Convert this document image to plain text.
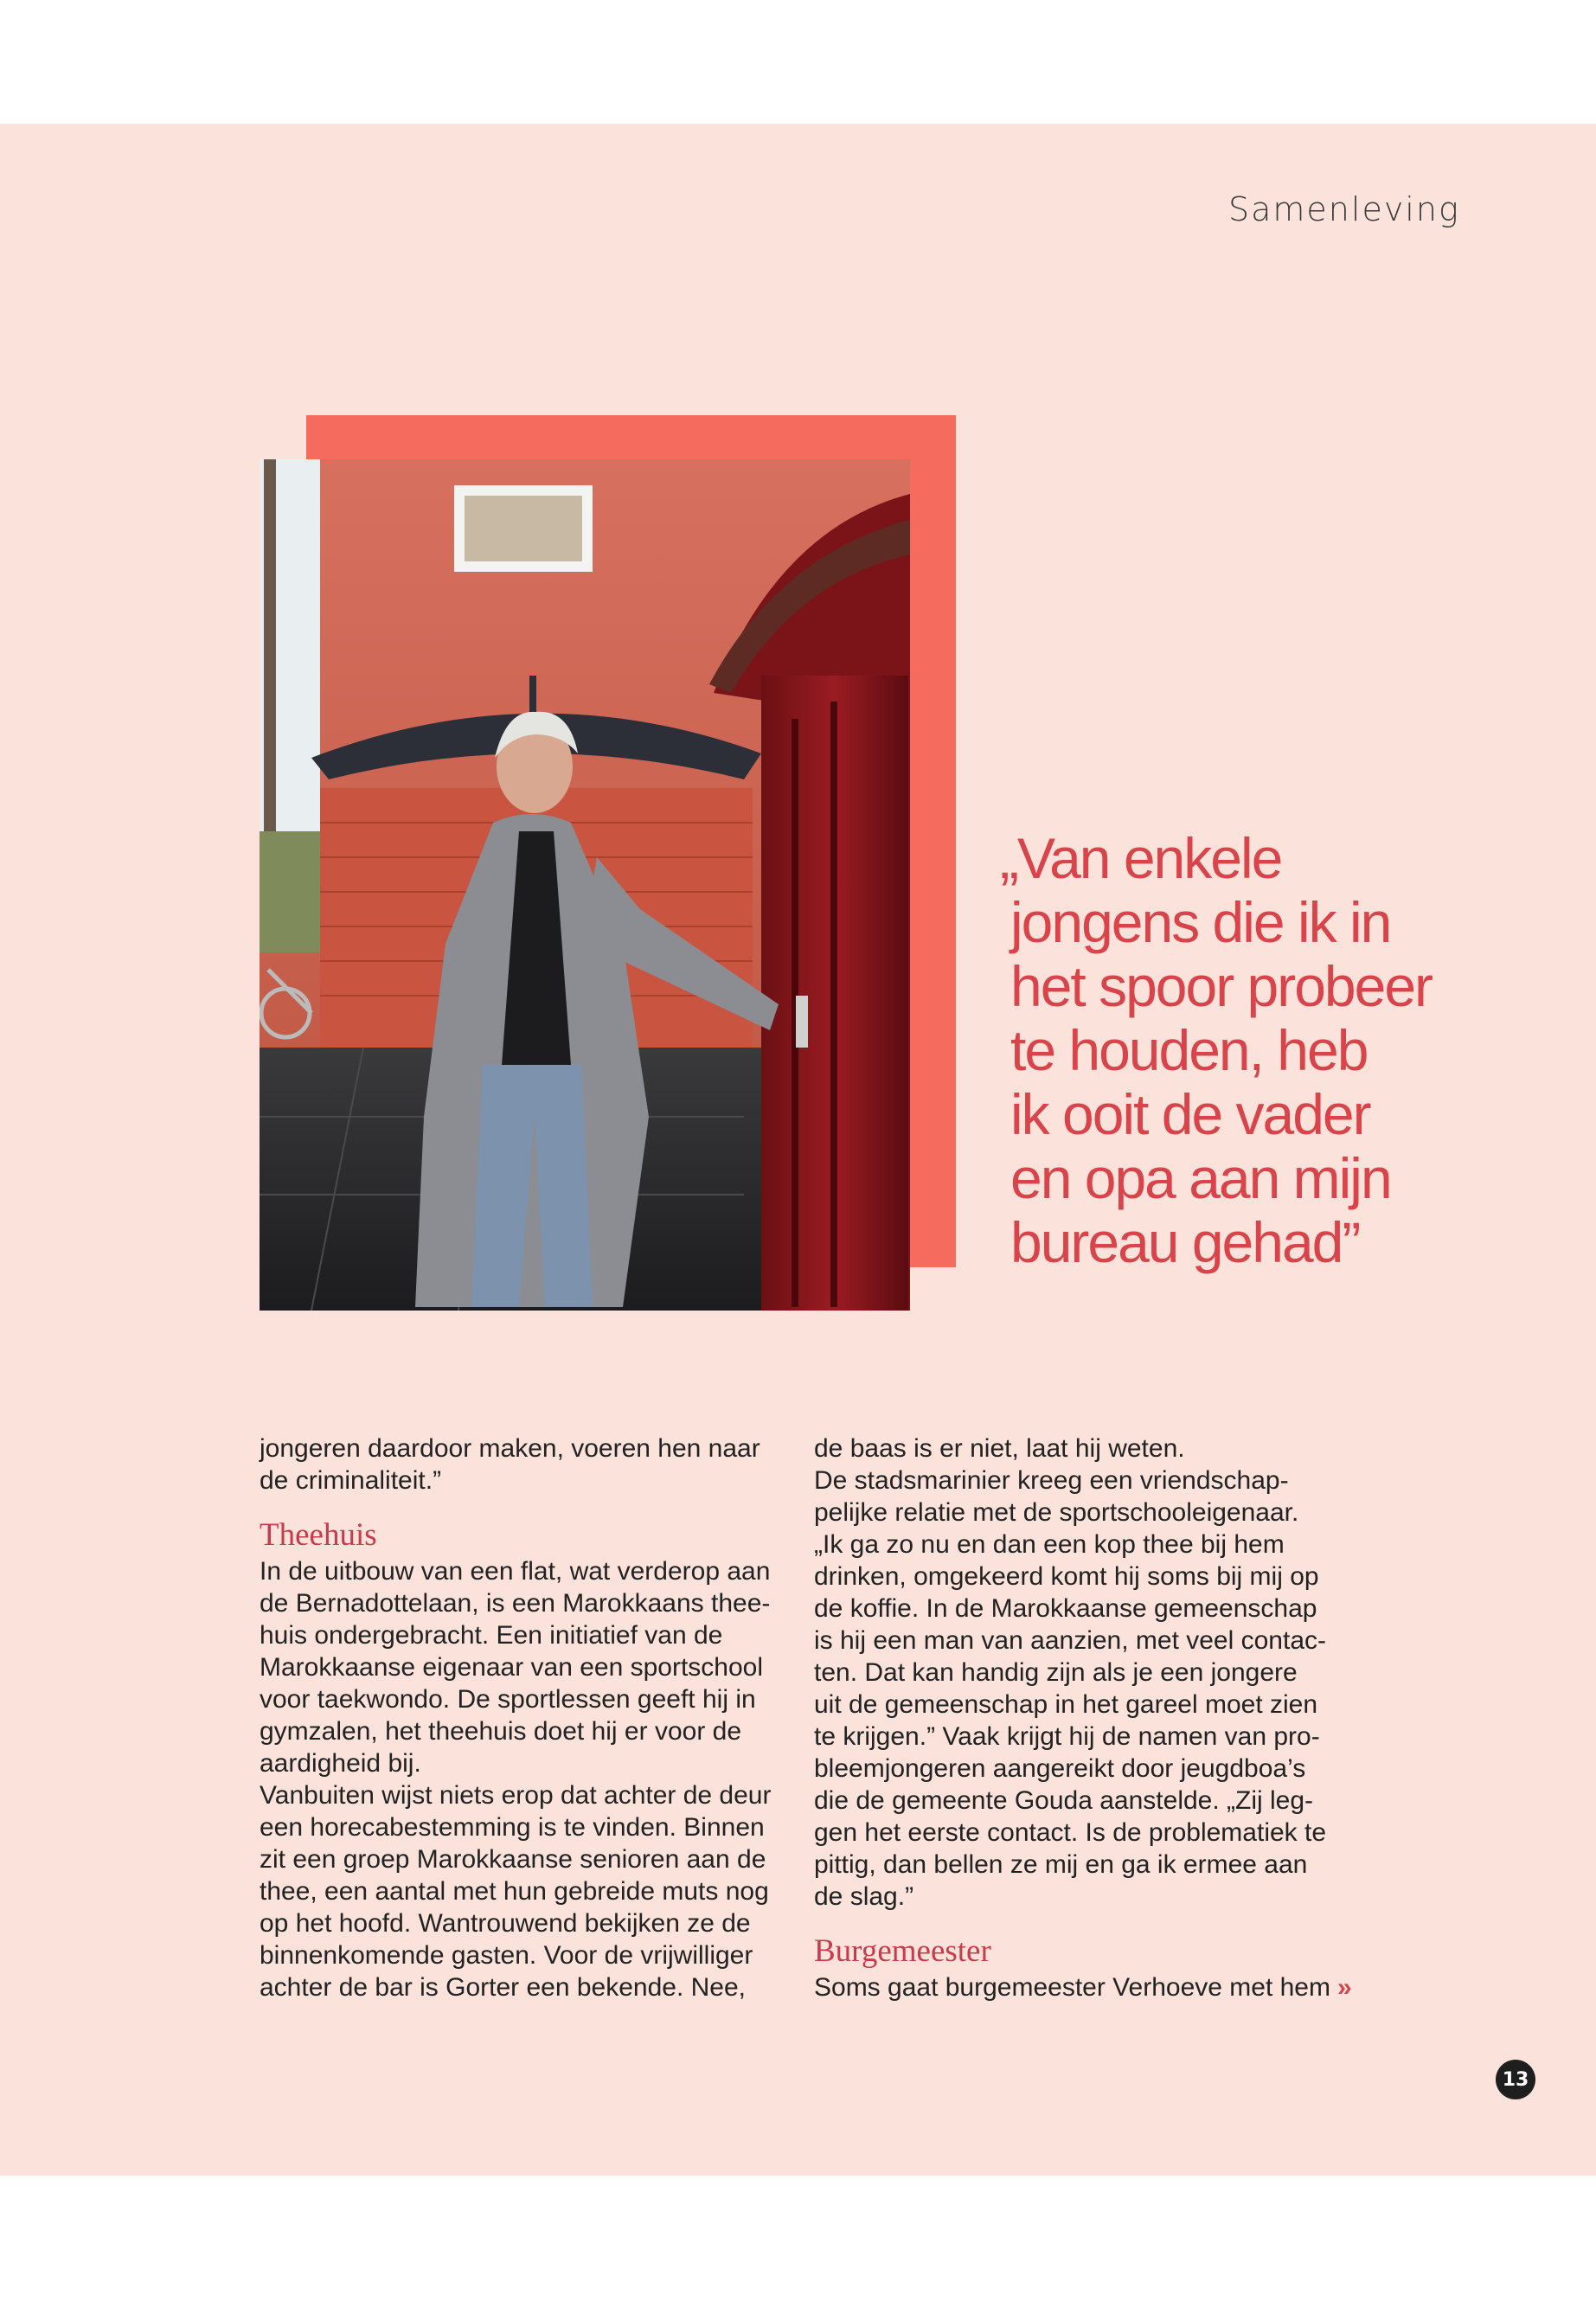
Samenleving
„Van enkele
jongens die ik in
het spoor probeer
te houden, heb
ik ooit de vader
en opa aan mijn
bureau gehad”

jongeren daardoor maken, voeren hen naar
de criminaliteit.”

Theehuis

In de uitbouw van een flat, wat verderop aan
de Bernadottelaan, is een Marokkaans thee-
huis ondergebracht. Een initiatief van de
Marokkaanse eigenaar van een sportschool
voor taekwondo. De sportlessen geeft hij in
gymzalen, het theehuis doet hij er voor de
aardigheid bij.
Vanbuiten wijst niets erop dat achter de deur
een horecabestemming is te vinden. Binnen
zit een groep Marokkaanse senioren aan de
thee, een aantal met hun gebreide muts nog
op het hoofd. Wantrouwend bekijken ze de
binnenkomende gasten. Voor de vrijwilliger
achter de bar is Gorter een bekende. Nee,

de baas is er niet, laat hij weten.
De stadsmarinier kreeg een vriendschap-
pelijke relatie met de sportschooleigenaar.
„Ik ga zo nu en dan een kop thee bij hem
drinken, omgekeerd komt hij soms bij mij op
de koffie. In de Marokkaanse gemeenschap
is hij een man van aanzien, met veel contac-
ten. Dat kan handig zijn als je een jongere
uit de gemeenschap in het gareel moet zien
te krijgen.” Vaak krijgt hij de namen van pro-
bleemjongeren aangereikt door jeugdboa’s
die de gemeente Gouda aanstelde. „Zij leg-
gen het eerste contact. Is de problematiek te
pittig, dan bellen ze mij en ga ik ermee aan
de slag.”

Burgemeester

Soms gaat burgemeester Verhoeve met hem »

13
